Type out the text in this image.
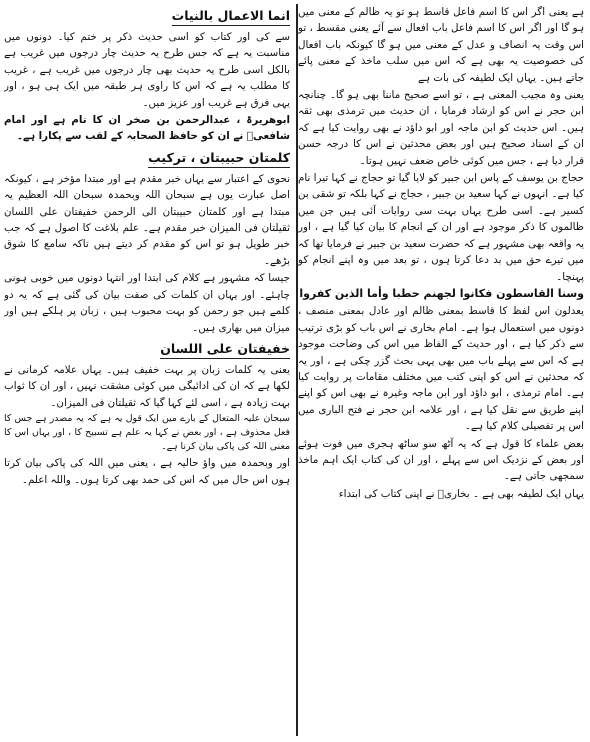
ہے یعنی اگر اس کا اسم فاعل قاسط ہو تو یہ ظالم کے معنی میں ہو گا اور اگر اس کا اسم فاعل باب افعال سے آئے یعنی مقسط ، تو اس وقت یہ انصاف و عدل کے معنی میں ہو گا کیونکہ باب افعال کی خصوصیت یہ بھی ہے کہ اس میں سلب ماخذ کے معنی پائے جاتے ہیں۔ یہاں ایک لطیفہ کی بات ہے

یعنی وہ مجیب المعنی ہے ، تو اسے صحیح ماننا بھی ہو گا۔ چنانچہ ابن حجر نے اس کو ارشاد فرمایا ، ان حدیث میں ترمذی بھی ثقہ ہیں۔ اس حدیث کو ابن ماجہ اور ابو داؤد نے بھی روایت کیا ہے کہ ان کے اسناد صحیح ہیں اور بعض محدثین نے اس کا درجہ حسن قرار دیا ہے ، جس میں کوئی خاص ضعف نہیں ہوتا۔

حجاج بن یوسف کے پاس ابن جبیر کو لایا گیا تو حجاج نے کہا تیرا نام کیا ہے۔ انہوں نے کہا سعید بن جبیر ، حجاج نے کہا بلکہ تو شقی بن کسیر ہے۔ اسی طرح یہاں بہت سی روایات آئی ہیں جن میں ظالموں کا ذکر موجود ہے اور ان کے انجام کا بیان کیا گیا ہے ، اور یہ واقعہ بھی مشہور ہے کہ حضرت سعید بن جبیر نے فرمایا تھا کہ میں تیرے حق میں بد دعا کرتا ہوں ، تو بعد میں وہ اپنے انجام کو پہنچا۔

وسنا القاسطون فكانوا لجهنم حطبا وأما الذين كفروا

یعدلون اس لفظ کا قاسط بمعنی ظالم اور عادل بمعنی منصف ، دونوں میں استعمال ہوا ہے۔ امام بخاری نے اس باب کو بڑی ترتیب سے ذکر کیا ہے ، اور حدیث کے الفاظ میں اس کی وضاحت موجود ہے کہ اس سے پہلے باب میں بھی یہی بحث گزر چکی ہے ، اور یہ کہ محدثین نے اس کو اپنی کتب میں مختلف مقامات پر روایت کیا ہے۔ امام ترمذی ، ابو داؤد اور ابن ماجہ وغیرہ نے بھی اس کو اپنے اپنے طریق سے نقل کیا ہے ، اور علامہ ابن حجر نے فتح الباری میں اس پر تفصیلی کلام کیا ہے۔

بعض علماء کا قول ہے کہ یہ آٹھ سو ساٹھ ہجری میں فوت ہوئے اور بعض کے نزدیک اس سے پہلے ، اور ان کی کتاب ایک اہم ماخذ سمجھی جاتی ہے۔

یہاں ایک لطیفہ بھی ہے ۔ بخاریؒ نے اپنی کتاب کی ابتداء

انما الاعمال بالنیات

سے کی اور کتاب کو اسی حدیث ذکر پر ختم کیا۔ دونوں میں مناسبت یہ ہے کہ جس طرح یہ حدیث چار درجوں میں غریب ہے بالکل اسی طرح یہ حدیث بھی چار درجوں میں غریب ہے ، غریب کا مطلب یہ ہے کہ اس کا راوی ہر طبقہ میں ایک ہی ہو ، اور یہی فرق ہے غریب اور عزیز میں۔

ابوھریرۃ ، عبدالرحمن بن صخر ان کا نام ہے اور امام شافعیؒ نے ان کو حافظ الصحابہ کے لقب سے پکارا ہے۔

کلمتان حبیبتان ، ترکیب

نحوی کے اعتبار سے یہاں خبر مقدم ہے اور مبتدا مؤخر ہے ، کیونکہ اصل عبارت یوں ہے سبحان اللہ وبحمدہ سبحان اللہ العظیم یہ مبتدا ہے اور کلمتان حبیبتان الی الرحمن خفیفتان علی اللسان ثقیلتان فی المیزان خبر مقدم ہے۔ علم بلاغت کا اصول ہے کہ جب خبر طویل ہو تو اس کو مقدم کر دیتے ہیں تاکہ سامع کا شوق بڑھے۔

جیسا کہ مشہور ہے کلام کی ابتدا اور انتہا دونوں میں خوبی ہونی چاہئے۔ اور یہاں ان کلمات کی صفت بیان کی گئی ہے کہ یہ دو کلمے ہیں جو رحمن کو بہت محبوب ہیں ، زبان پر ہلکے ہیں اور میزان میں بھاری ہیں۔

خفیفتان علی اللسان

یعنی یہ کلمات زبان پر بہت خفیف ہیں۔ یہاں علامہ کرمانی نے لکھا ہے کہ ان کی ادائیگی میں کوئی مشقت نہیں ، اور ان کا ثواب بہت زیادہ ہے ، اسی لئے کہا گیا کہ ثقیلتان فی المیزان۔

سبحان علیہ المتعال کے بارے میں ایک قول یہ ہے کہ یہ مصدر ہے جس کا فعل محذوف ہے ، اور بعض نے کہا یہ علم ہے تسبیح کا ، اور یہاں اس کا معنی اللہ کی پاکی بیان کرنا ہے۔

اور وبحمدہ میں واؤ حالیہ ہے ، یعنی میں اللہ کی پاکی بیان کرتا ہوں اس حال میں کہ اس کی حمد بھی کرتا ہوں۔ واللہ اعلم۔
